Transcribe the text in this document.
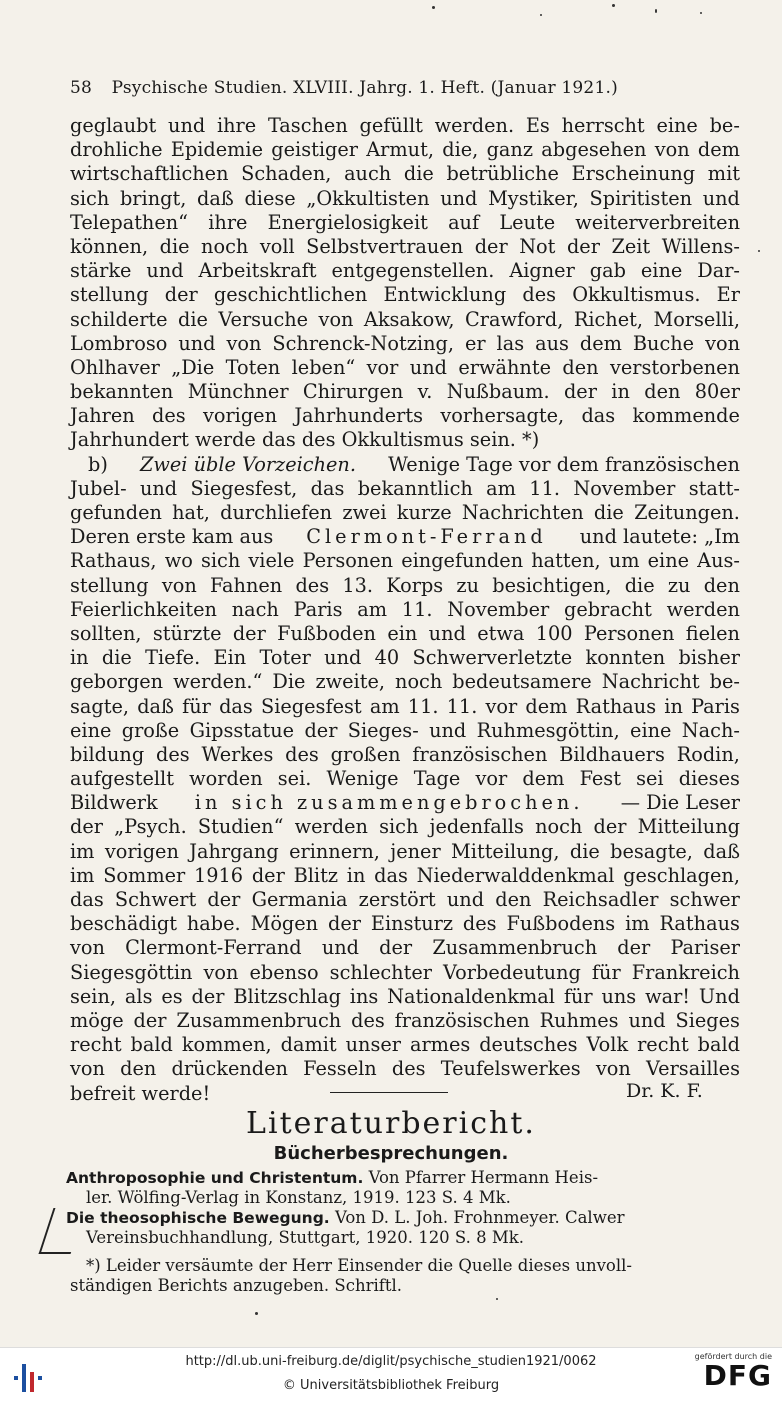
58 Psychische Studien. XLVIII. Jahrg. 1. Heft. (Januar 1921.)
geglaubt und ihre Taschen gefüllt werden. Es herrscht eine be-
drohliche Epidemie geistiger Armut, die, ganz abgesehen von dem
wirtschaftlichen Schaden, auch die betrübliche Erscheinung mit
sich bringt, daß diese „Okkultisten und Mystiker, Spiritisten und
Telepathen“ ihre Energielosigkeit auf Leute weiterverbreiten
können, die noch voll Selbstvertrauen der Not der Zeit Willens-
stärke und Arbeitskraft entgegenstellen. Aigner gab eine Dar-
stellung der geschichtlichen Entwicklung des Okkultismus. Er
schilderte die Versuche von Aksakow, Crawford, Richet, Morselli,
Lombroso und von Schrenck-Notzing, er las aus dem Buche von
Ohlhaver „Die Toten leben“ vor und erwähnte den verstorbenen
bekannten Münchner Chirurgen v. Nußbaum. der in den 80er
Jahren des vorigen Jahrhunderts vorhersagte, das kommende
Jahrhundert werde das des Okkultismus sein. *)
b) Zwei üble Vorzeichen. Wenige Tage vor dem französischen
Jubel- und Siegesfest, das bekanntlich am 11. November statt-
gefunden hat, durchliefen zwei kurze Nachrichten die Zeitungen.
Deren erste kam aus Clermont-Ferrand und lautete: „Im
Rathaus, wo sich viele Personen eingefunden hatten, um eine Aus-
stellung von Fahnen des 13. Korps zu besichtigen, die zu den
Feierlichkeiten nach Paris am 11. November gebracht werden
sollten, stürzte der Fußboden ein und etwa 100 Personen fielen
in die Tiefe. Ein Toter und 40 Schwerverletzte konnten bisher
geborgen werden.“ Die zweite, noch bedeutsamere Nachricht be-
sagte, daß für das Siegesfest am 11. 11. vor dem Rathaus in Paris
eine große Gipsstatue der Sieges- und Ruhmesgöttin, eine Nach-
bildung des Werkes des großen französischen Bildhauers Rodin,
aufgestellt worden sei. Wenige Tage vor dem Fest sei dieses
Bildwerk in sich zusammengebrochen. — Die Leser
der „Psych. Studien“ werden sich jedenfalls noch der Mitteilung
im vorigen Jahrgang erinnern, jener Mitteilung, die besagte, daß
im Sommer 1916 der Blitz in das Niederwalddenkmal geschlagen,
das Schwert der Germania zerstört und den Reichsadler schwer
beschädigt habe. Mögen der Einsturz des Fußbodens im Rathaus
von Clermont-Ferrand und der Zusammenbruch der Pariser
Siegesgöttin von ebenso schlechter Vorbedeutung für Frankreich
sein, als es der Blitzschlag ins Nationaldenkmal für uns war! Und
möge der Zusammenbruch des französischen Ruhmes und Sieges
recht bald kommen, damit unser armes deutsches Volk recht bald
von den drückenden Fesseln des Teufelswerkes von Versailles
befreit werde!	Dr. K. F.
Literaturbericht.
Bücherbesprechungen.
Anthroposophie und Christentum. Von Pfarrer Hermann Heis-
ler. Wölfing-Verlag in Konstanz, 1919. 123 S. 4 Mk.
Die theosophische Bewegung. Von D. L. Joh. Frohnmeyer. Calwer
Vereinsbuchhandlung, Stuttgart, 1920. 120 S. 8 Mk.
*) Leider versäumte der Herr Einsender die Quelle dieses unvoll-
ständigen Berichts anzugeben. Schriftl.
http://dl.ub.uni-freiburg.de/diglit/psychische_studien1921/0062
© Universitätsbibliothek Freiburg
gefördert durch die
DFG
